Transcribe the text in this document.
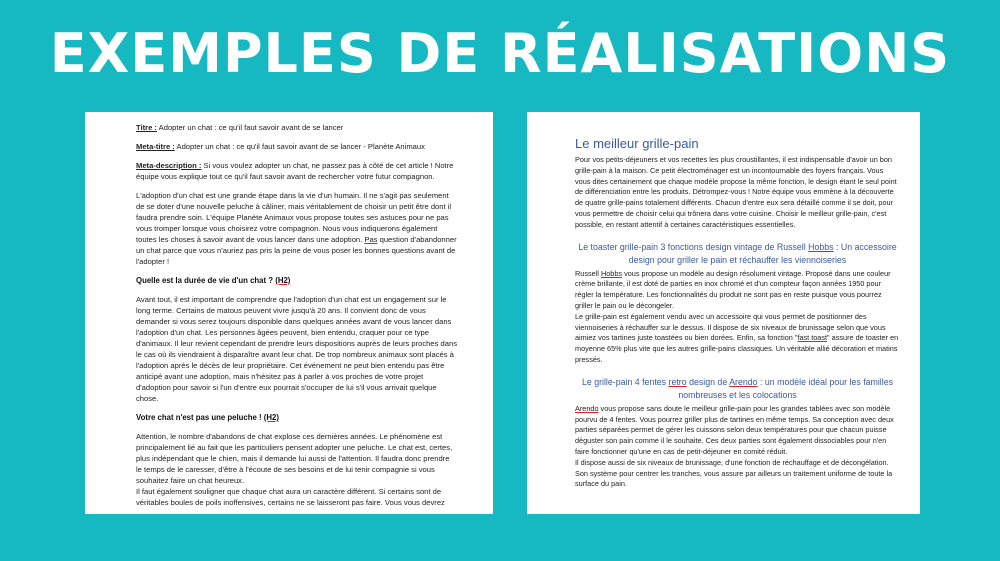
EXEMPLES DE RÉALISATIONS

Titre : Adopter un chat : ce qu'il faut savoir avant de se lancer

Meta-titre : Adopter un chat : ce qu'il faut savoir avant de se lancer - Planète Animaux

Meta-description : Si vous voulez adopter un chat, ne passez pas à côté de cet article ! Notre équipe vous explique tout ce qu'il faut savoir avant de rechercher votre futur compagnon.

L'adoption d'un chat est une grande étape dans la vie d'un humain. Il ne s'agit pas seulement de se doter d'une nouvelle peluche à câliner, mais véritablement de choisir un petit être dont il faudra prendre soin. L'équipe Planète Animaux vous propose toutes ses astuces pour ne pas vous tromper lorsque vous choisirez votre compagnon. Nous vous indiquerons également toutes les choses à savoir avant de vous lancer dans une adoption. Pas question d'abandonner un chat parce que vous n'auriez pas pris la peine de vous poser les bonnes questions avant de l'adopter !

Quelle est la durée de vie d'un chat ? (H2)

Avant tout, il est important de comprendre que l'adoption d'un chat est un engagement sur le long terme. Certains de matous peuvent vivre jusqu'à 20 ans. Il convient donc de vous demander si vous serez toujours disponible dans quelques années avant de vous lancer dans l'adoption d'un chat. Les personnes âgées peuvent, bien entendu, craquer pour ce type d'animaux. Il leur revient cependant de prendre leurs dispositions auprès de leurs proches dans le cas où ils viendraient à disparaître avant leur chat. De trop nombreux animaux sont placés à l'adoption après le décès de leur propriétaire. Cet événement ne peut bien entendu pas être anticipé avant une adoption, mais n'hésitez pas à parler à vos proches de votre projet d'adoption pour savoir si l'un d'entre eux pourrait s'occuper de lui s'il vous arrivait quelque chose.

Votre chat n'est pas une peluche ! (H2)

Attention, le nombre d'abandons de chat explose ces dernières années. Le phénomène est principalement lié au fait que les particuliers pensent adopter une peluche. Le chat est, certes, plus indépendant que le chien, mais il demande lui aussi de l'attention. Il faudra donc prendre le temps de le caresser, d'être à l'écoute de ses besoins et de lui tenir compagnie si vous souhaitez faire un chat heureux.

Il faut également souligner que chaque chat aura un caractère différent. Si certains sont de véritables boules de poils inoffensives, certains ne se laisseront pas faire. Vous vous devrez

Le meilleur grille-pain

Pour vos petits-déjeuners et vos recettes les plus croustillantes, il est indispensable d'avoir un bon grille-pain à la maison. Ce petit électroménager est un incontournable des foyers français. Vous vous dites certainement que chaque modèle propose la même fonction, le design étant le seul point de différenciation entre les produits. Détrompez-vous ! Notre équipe vous emmène à la découverte de quatre grille-pains totalement différents. Chacun d'entre eux sera détaillé comme il se doit, pour vous permettre de choisir celui qui trônera dans votre cuisine. Choisir le meilleur grille-pain, c'est possible, en restant attentif à certaines caractéristiques essentielles.

Le toaster grille-pain 3 fonctions design vintage de Russell Hobbs : Un accessoire design pour griller le pain et réchauffer les viennoiseries

Russell Hobbs vous propose un modèle au design résolument vintage. Proposé dans une couleur crème brillante, il est doté de parties en inox chromé et d'un compteur façon années 1950 pour régler la température. Les fonctionnalités du produit ne sont pas en reste puisque vous pourrez griller le pain ou le décongeler.

Le grille-pain est également vendu avec un accessoire qui vous permet de positionner des viennoiseries à réchauffer sur le dessus. Il dispose de six niveaux de brunissage selon que vous aimiez vos tartines juste toastées ou bien dorées. Enfin, sa fonction "fast toast" assure de toaster en moyenne 65% plus vite que les autres grille-pains classiques. Un véritable allié décoration et matins pressés.

Le grille-pain 4 fentes retro design de Arendo : un modèle idéal pour les familles nombreuses et les colocations

Arendo vous propose sans doute le meilleur grille-pain pour les grandes tablées avec son modèle pourvu de 4 fentes. Vous pourrez griller plus de tartines en même temps. Sa conception avec deux parties séparées permet de gérer les cuissons selon deux températures pour que chacun puisse déguster son pain comme il le souhaite. Ces deux parties sont également dissociables pour n'en faire fonctionner qu'une en cas de petit-déjeuner en comité réduit.

Il dispose aussi de six niveaux de brunissage, d'une fonction de réchauffage et de décongélation. Son système pour centrer les tranches, vous assure par ailleurs un traitement uniforme de toute la surface du pain.
